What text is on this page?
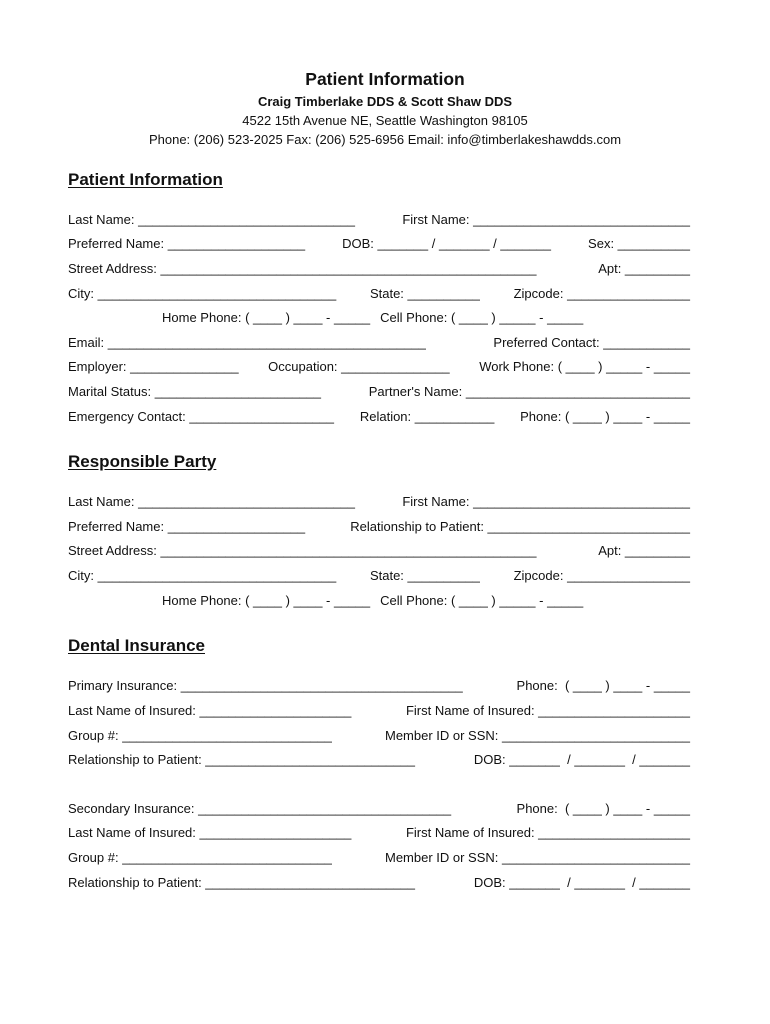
Patient Information
Craig Timberlake DDS & Scott Shaw DDS
4522 15th Avenue NE, Seattle Washington 98105
Phone: (206) 523-2025 Fax: (206) 525-6956 Email: info@timberlakeshawdds.com
Patient Information
Last Name: ______________________________	First Name: ______________________________
Preferred Name: ___________________	DOB: _______ / _______ / _______	Sex: __________
Street Address: ____________________________________________________	Apt: _________
City: _________________________________	State: __________	Zipcode: _________________
Home Phone: ( ____ ) ____ - _____ Cell Phone: ( ____ ) _____ - _____
Email: ____________________________________________	Preferred Contact: ____________
Employer: _______________ Occupation: _______________ Work Phone: ( ____ ) _____ - _____
Marital Status: _______________________	Partner's Name: _______________________________
Emergency Contact: ____________________ Relation: ___________ Phone: ( ____ ) ____ - _____
Responsible Party
Last Name: ______________________________	First Name: ______________________________
Preferred Name: ___________________	Relationship to Patient: ____________________________
Street Address: ____________________________________________________	Apt: _________
City: _________________________________	State: __________	Zipcode: _________________
Home Phone: ( ____ ) ____ - _____ Cell Phone: ( ____ ) _____ - _____
Dental Insurance
Primary Insurance: _______________________________________	Phone:  ( ____ ) ____ - _____
Last Name of Insured: _____________________	First Name of Insured: _____________________
Group #: _____________________________	Member ID or SSN: __________________________
Relationship to Patient: _____________________________	DOB: _______  / _______  / _______
Secondary Insurance: ___________________________________	Phone:  ( ____ ) ____ - _____
Last Name of Insured: _____________________	First Name of Insured: _____________________
Group #: _____________________________	Member ID or SSN: __________________________
Relationship to Patient: _____________________________	DOB: _______  / _______  / _______
